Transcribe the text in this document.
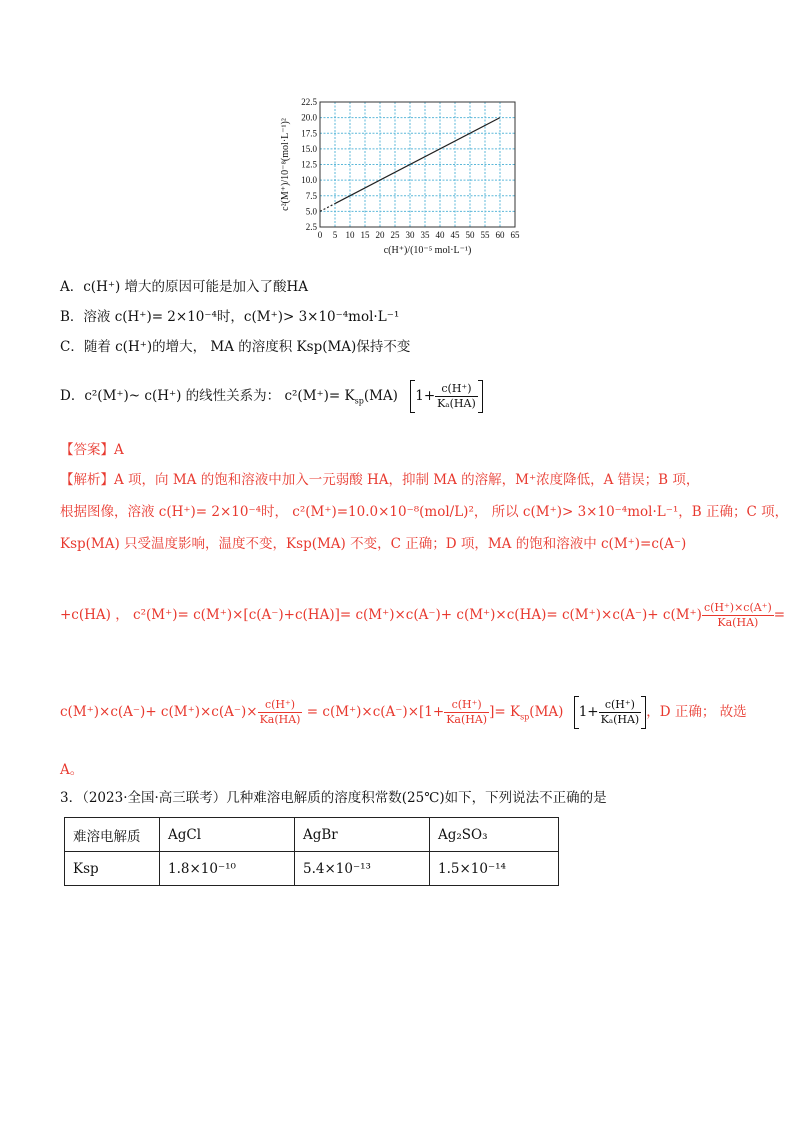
0 5 10 15 20 25 30 35 40 45 50 55 60 65
2.5
5.0
7.5
10.0
12.5
15.0
17.5
20.0
22.5
c(H⁺)/(10⁻⁵ mol·L⁻¹)
c²(M⁺)/10⁻⁸(mol·L⁻¹)²
A．c(H⁺) 增大的原因可能是加入了酸HA
B．溶液 c(H⁺)= 2×10⁻⁴时，c(M⁺)> 3×10⁻⁴mol·L⁻¹
C．随着 c(H⁺)的增大， MA 的溶度积 Ksp(MA)保持不变
D．c²(M⁺)~ c(H⁺) 的线性关系为： $c^2(M^+)= K_{sp}(MA)$ $1+ \frac{c(H^+)}{\text{Kₐ(HA)}}$
【答案】A
【解析】A 项，向 MA 的饱和溶液中加入一元弱酸 HA，抑制 MA 的溶解，M⁺浓度降低，A 错误；B 项，
根据图像，溶液 c(H⁺)= 2×10⁻⁴时， c²(M⁺)=10.0×10⁻⁸(mol/L)²， 所以 c(M⁺)> 3×10⁻⁴mol·L⁻¹，B 正确；C 项，
Ksp(MA) 只受温度影响，温度不变，Ksp(MA) 不变，C 正确；D 项，MA 的饱和溶液中 c(M⁺)=c(A⁻)
+c(HA) ， $c^2(M^+)= c(M^+)\times[c(A^-)+c(HA)]= c(M^+)\times c(A^-)+ c(M^+)\times c(HA)= c(M^+)\times c(A^-)+ c(M^+) \frac{c(H^+)\times c(A^+)}{Ka(HA)}$ =
$c(M^+)\times c(A^-)+ c(M^+)\times c(A^-)\times \frac{c(H^+)}{Ka(HA)} = c(M^+)\times c(A^-)\times[1+ \frac{c(H^+)}{Ka(HA)}$ ]= $K_{sp}(MA)$ $1+ \frac{c(H^+)}{\text{Kₐ(HA)}}$ ，D 正确； 故选
A。
3．（2023·全国·高三联考）几种难溶电解质的溶度积常数(25℃)如下，下列说法不正确的是
难溶电解质	AgCl	AgBr	Ag₂SO₃
Ksp	1.8×10⁻¹⁰	5.4×10⁻¹³	1.5×10⁻¹⁴
